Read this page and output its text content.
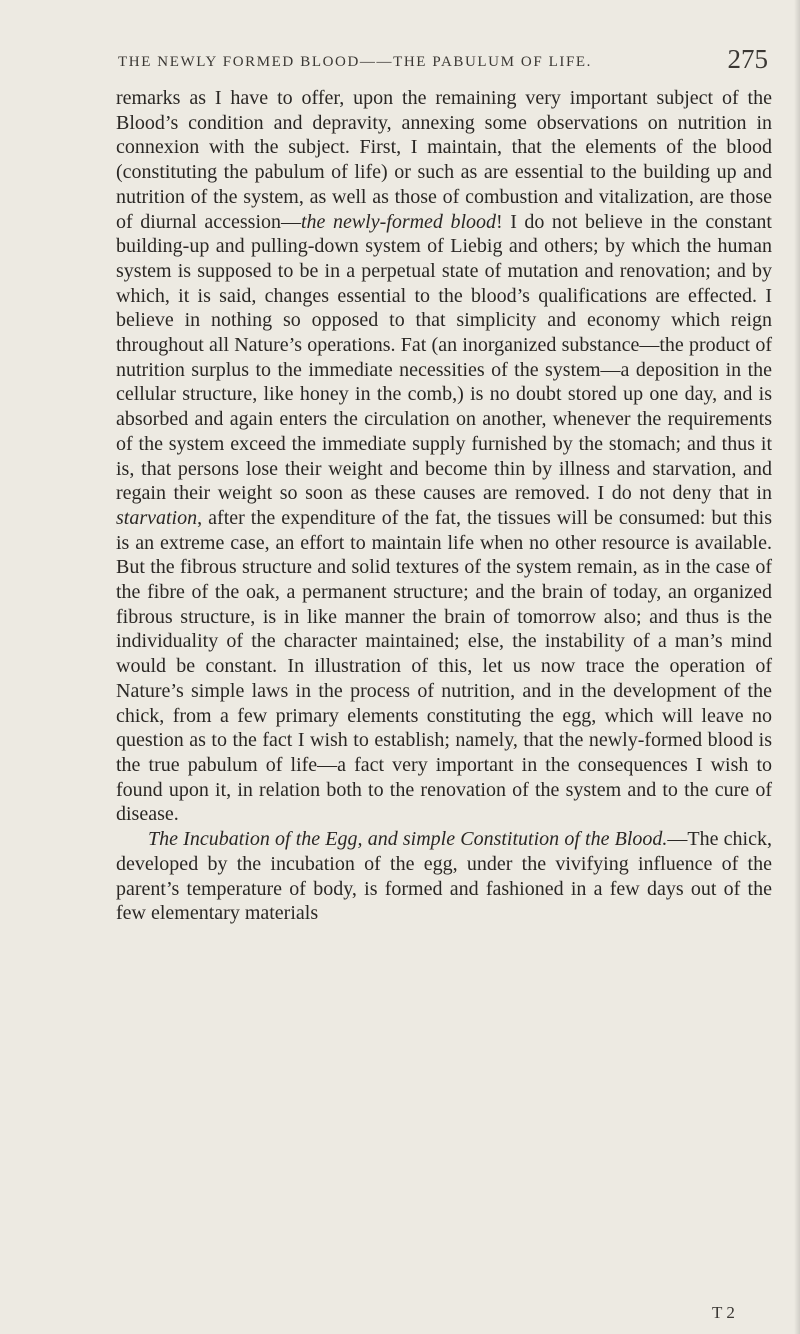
THE NEWLY FORMED BLOOD——THE PABULUM OF LIFE.	275

remarks as I have to offer, upon the remaining very important subject of the Blood’s condition and depravity, annexing some observations on nutrition in connexion with the subject. First, I maintain, that the elements of the blood (constituting the pabulum of life) or such as are essential to the building up and nutrition of the system, as well as those of combustion and vitalization, are those of diurnal accession—the newly-formed blood! I do not believe in the constant building-up and pulling-down system of Liebig and others; by which the human system is supposed to be in a perpetual state of mutation and renovation; and by which, it is said, changes essential to the blood’s qualifications are effected. I believe in nothing so opposed to that simplicity and economy which reign throughout all Nature’s operations. Fat (an inorganized substance—the product of nutrition surplus to the immediate necessities of the system—a deposition in the cellular structure, like honey in the comb,) is no doubt stored up one day, and is absorbed and again enters the circulation on another, whenever the requirements of the system exceed the immediate supply furnished by the stomach; and thus it is, that persons lose their weight and become thin by illness and starvation, and regain their weight so soon as these causes are removed. I do not deny that in starvation, after the expenditure of the fat, the tissues will be consumed: but this is an extreme case, an effort to maintain life when no other resource is available. But the fibrous structure and solid textures of the system remain, as in the case of the fibre of the oak, a permanent structure; and the brain of today, an organized fibrous structure, is in like manner the brain of tomorrow also; and thus is the individuality of the character maintained; else, the instability of a man’s mind would be constant. In illustration of this, let us now trace the operation of Nature’s simple laws in the process of nutrition, and in the development of the chick, from a few primary elements constituting the egg, which will leave no question as to the fact I wish to establish; namely, that the newly-formed blood is the true pabulum of life—a fact very important in the consequences I wish to found upon it, in relation both to the renovation of the system and to the cure of disease.

The Incubation of the Egg, and simple Constitution of the Blood.—The chick, developed by the incubation of the egg, under the vivifying influence of the parent’s temperature of body, is formed and fashioned in a few days out of the few elementary materials

T 2
